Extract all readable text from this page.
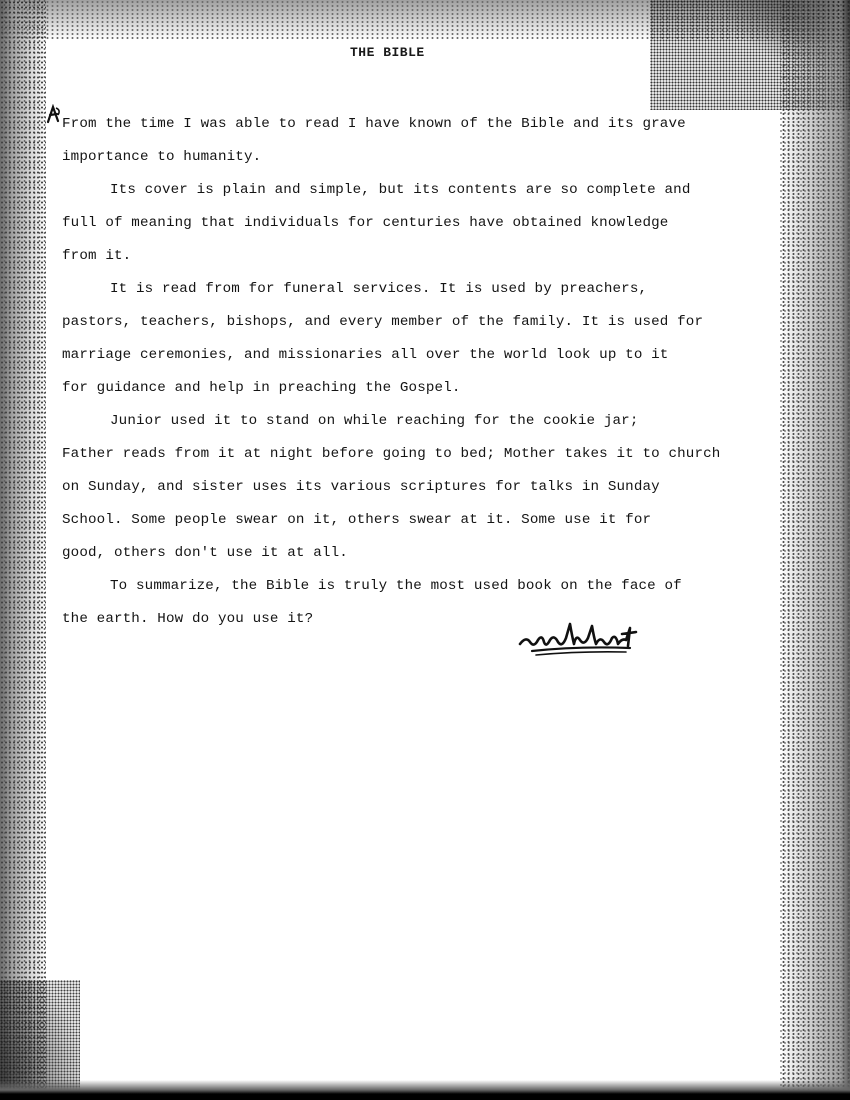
THE BIBLE
From the time I was able to read I have known of the Bible and its grave
importance to humanity.
Its cover is plain and simple, but its contents are so complete and
full of meaning that individuals for centuries have obtained knowledge
from it.
It is read from for funeral services. It is used by preachers,
pastors, teachers, bishops, and every member of the family. It is used for
marriage ceremonies, and missionaries all over the world look up to it
for guidance and help in preaching the Gospel.
Junior used it to stand on while reaching for the cookie jar;
Father reads from it at night before going to bed; Mother takes it to church
on Sunday, and sister uses its various scriptures for talks in Sunday
School. Some people swear on it, others swear at it. Some use it for
good, others don't use it at all.
To summarize, the Bible is truly the most used book on the face of
the earth. How do you use it?
